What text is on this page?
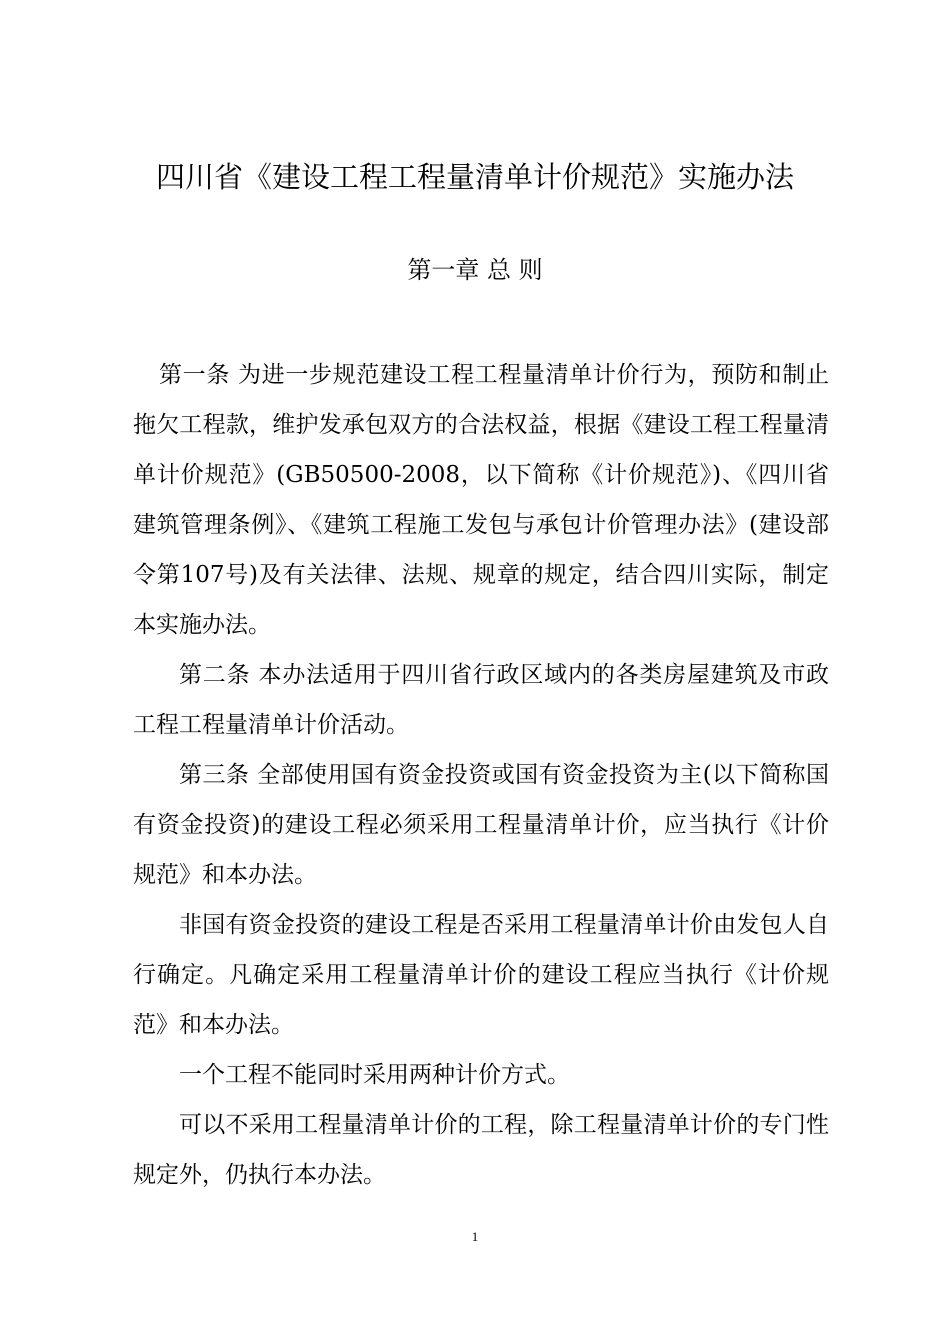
四川省《建设工程工程量清单计价规范》实施办法
第一章 总 则

第一条 为进一步规范建设工程工程量清单计价行为，预防和制止拖欠工程款，维护发承包双方的合法权益，根据《建设工程工程量清单计价规范》(GB50500-2008，以下简称《计价规范》)、《四川省建筑管理条例》、《建筑工程施工发包与承包计价管理办法》(建设部令第107号)及有关法律、法规、规章的规定，结合四川实际，制定本实施办法。

第二条 本办法适用于四川省行政区域内的各类房屋建筑及市政工程工程量清单计价活动。

第三条 全部使用国有资金投资或国有资金投资为主(以下简称国有资金投资)的建设工程必须采用工程量清单计价，应当执行《计价规范》和本办法。

非国有资金投资的建设工程是否采用工程量清单计价由发包人自行确定。凡确定采用工程量清单计价的建设工程应当执行《计价规范》和本办法。

一个工程不能同时采用两种计价方式。

可以不采用工程量清单计价的工程，除工程量清单计价的专门性规定外，仍执行本办法。

1
